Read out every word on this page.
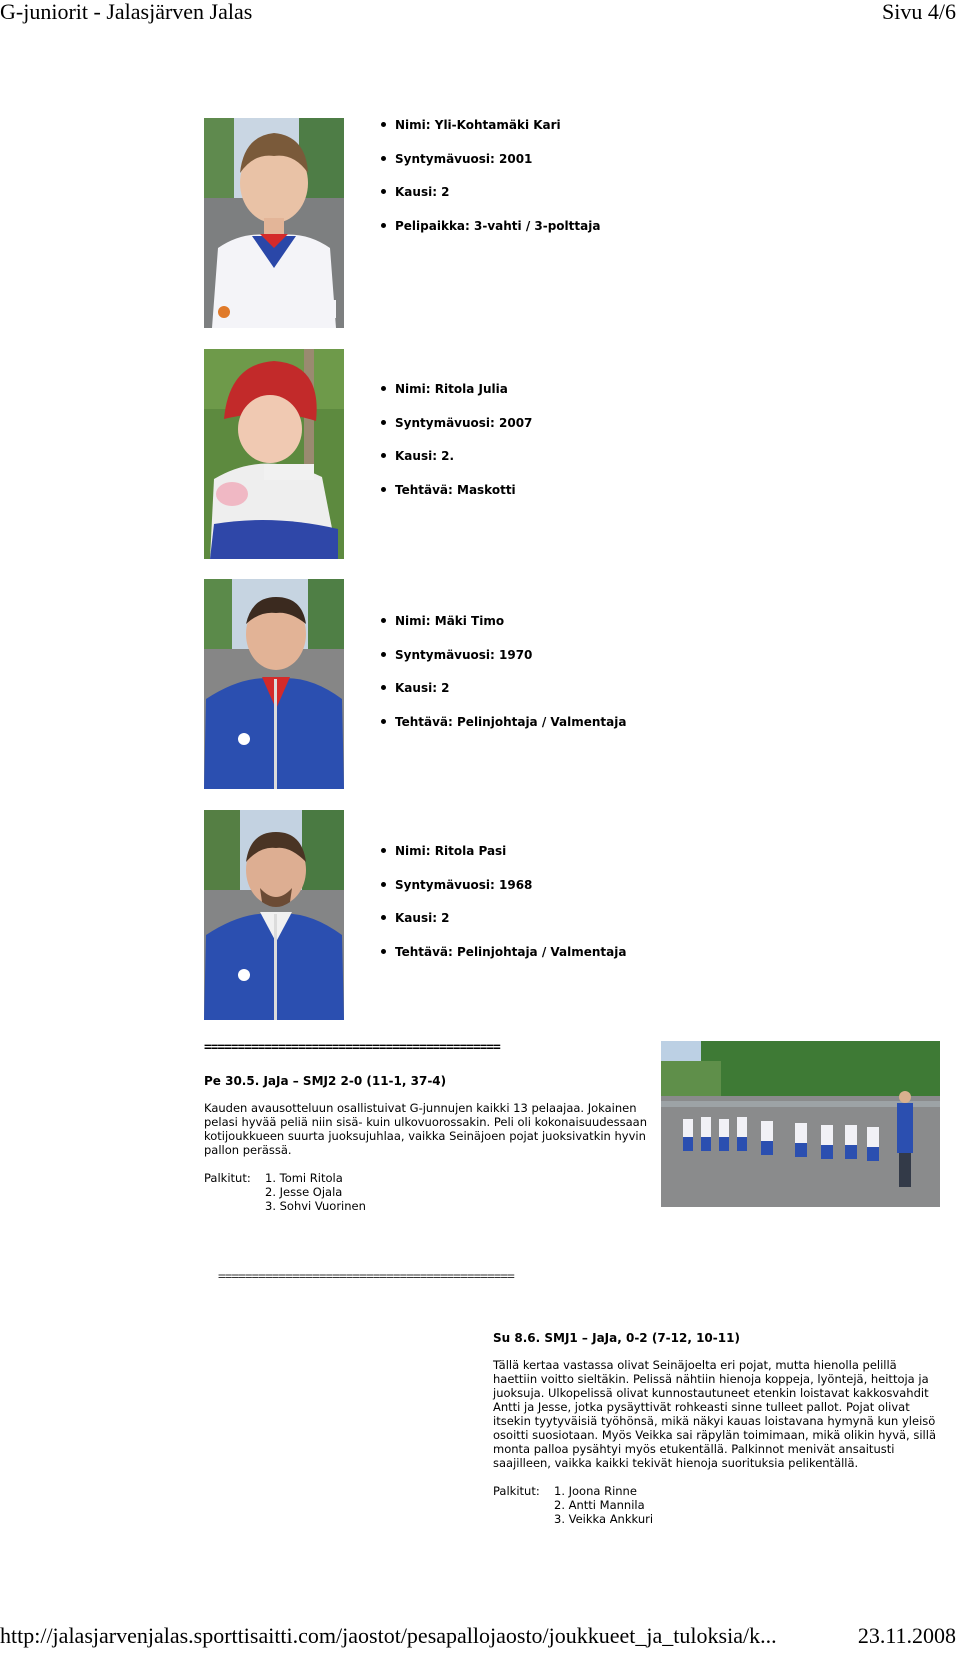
G-juniorit - Jalasjärven Jalas	Sivu 4/6
Nimi: Yli-Kohtamäki Kari
Syntymävuosi: 2001
Kausi: 2
Pelipaikka: 3-vahti / 3-polttaja
Nimi: Ritola Julia
Syntymävuosi: 2007
Kausi: 2.
Tehtävä: Maskotti
Nimi: Mäki Timo
Syntymävuosi: 1970
Kausi: 2
Tehtävä: Pelinjohtaja / Valmentaja
Nimi: Ritola Pasi
Syntymävuosi: 1968
Kausi: 2
Tehtävä: Pelinjohtaja / Valmentaja
============================================
Pe 30.5. JaJa – SMJ2 2-0 (11-1, 37-4)

Kauden avausotteluun osallistuivat G-junnujen kaikki 13 pelaajaa. Jokainen pelasi hyvää peliä niin sisä- kuin ulkovuorossakin. Peli oli kokonaisuudessaan kotijoukkueen suurta juoksujuhlaa, vaikka Seinäjoen pojat juoksivatkin hyvin pallon perässä.

Palkitut: 1. Tomi Ritola
2. Jesse Ojala
3. Sohvi Vuorinen
============================================
Su 8.6. SMJ1 – JaJa, 0-2 (7-12, 10-11)

Tällä kertaa vastassa olivat Seinäjoelta eri pojat, mutta hienolla pelillä haettiin voitto sieltäkin. Pelissä nähtiin hienoja koppeja, lyöntejä, heittoja ja juoksuja. Ulkopelissä olivat kunnostautuneet etenkin loistavat kakkosvahdit Antti ja Jesse, jotka pysäyttivät rohkeasti sinne tulleet pallot. Pojat olivat itsekin tyytyväisiä työhönsä, mikä näkyi kauas loistavana hymynä kun yleisö osoitti suosiotaan. Myös Veikka sai räpylän toimimaan, mikä olikin hyvä, sillä monta palloa pysähtyi myös etukentällä. Palkinnot menivät ansaitusti saajilleen, vaikka kaikki tekivät hienoja suorituksia pelikentällä.

Palkitut: 1. Joona Rinne
2. Antti Mannila
3. Veikka Ankkuri
http://jalasjarvenjalas.sporttisaitti.com/jaostot/pesapallojaosto/joukkueet_ja_tuloksia/k...	23.11.2008
